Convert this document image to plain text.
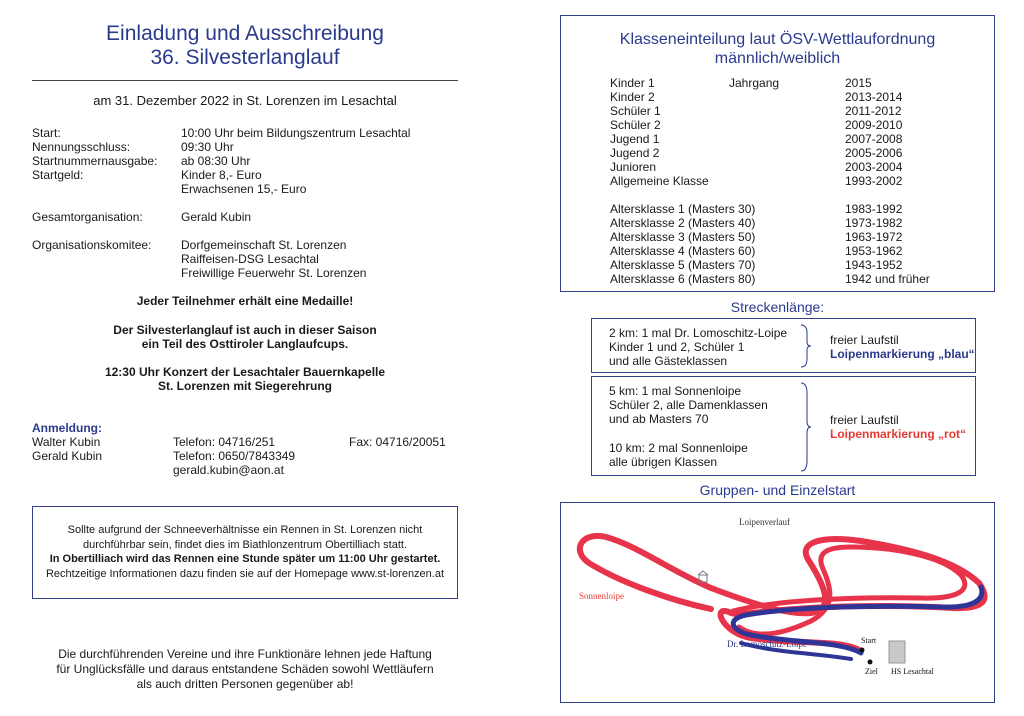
Einladung und Ausschreibung
36. Silvesterlanglauf
am 31. Dezember 2022 in St. Lorenzen im Lesachtal
Start:	10:00 Uhr beim Bildungszentrum Lesachtal
Nennungsschluss:	09:30 Uhr
Startnummernausgabe: ab 08:30 Uhr
Startgeld:	Kinder 8,- Euro
Erwachsenen 15,- Euro
Gesamtorganisation:	Gerald Kubin
Organisationskomitee: Dorfgemeinschaft St. Lorenzen
Raiffeisen-DSG Lesachtal
Freiwillige Feuerwehr St. Lorenzen
Jeder Teilnehmer erhält eine Medaille!
Der Silvesterlanglauf ist auch in dieser Saison
ein Teil des Osttiroler Langlaufcups.
12:30 Uhr Konzert der Lesachtaler Bauernkapelle
St. Lorenzen mit Siegerehrung
Anmeldung:
Walter Kubin	Telefon: 04716/251	Fax: 04716/20051
Gerald Kubin	Telefon: 0650/7843349
gerald.kubin@aon.at
Sollte aufgrund der Schneeverhältnisse ein Rennen in St. Lorenzen nicht
durchführbar sein, findet dies im Biathlonzentrum Obertilliach statt.
In Obertilliach wird das Rennen eine Stunde später um 11:00 Uhr gestartet.
Rechtzeitige Informationen dazu finden sie auf der Homepage www.st-lorenzen.at
Die durchführenden Vereine und ihre Funktionäre lehnen jede Haftung
für Unglücksfälle und daraus entstandene Schäden sowohl Wettläufern
als auch dritten Personen gegenüber ab!
Klasseneinteilung laut ÖSV-Wettlaufordnung
männlich/weiblich
Jahrgang
Kinder 1	2015
Kinder 2	2013-2014
Schüler 1	2011-2012
Schüler 2	2009-2010
Jugend 1	2007-2008
Jugend 2	2005-2006
Junioren	2003-2004
Allgemeine Klasse	1993-2002
Altersklasse 1 (Masters 30)	1983-1992
Altersklasse 2 (Masters 40)	1973-1982
Altersklasse 3 (Masters 50)	1963-1972
Altersklasse 4 (Masters 60)	1953-1962
Altersklasse 5 (Masters 70)	1943-1952
Altersklasse 6 (Masters 80)	1942 und früher
Streckenlänge:
2 km: 1 mal Dr. Lomoschitz-Loipe
Kinder 1 und 2, Schüler 1
und alle Gästeklassen
freier Laufstil
Loipenmarkierung „blau“
5 km: 1 mal Sonnenloipe
Schüler 2, alle Damenklassen
und ab Masters 70
10 km: 2 mal Sonnenloipe
alle übrigen Klassen
freier Laufstil
Loipenmarkierung „rot“
Gruppen- und Einzelstart
Loipenverlauf
Sonnenloipe
Dr. Lomoschitz-Loipe	Start
Ziel HS Lesachtal
